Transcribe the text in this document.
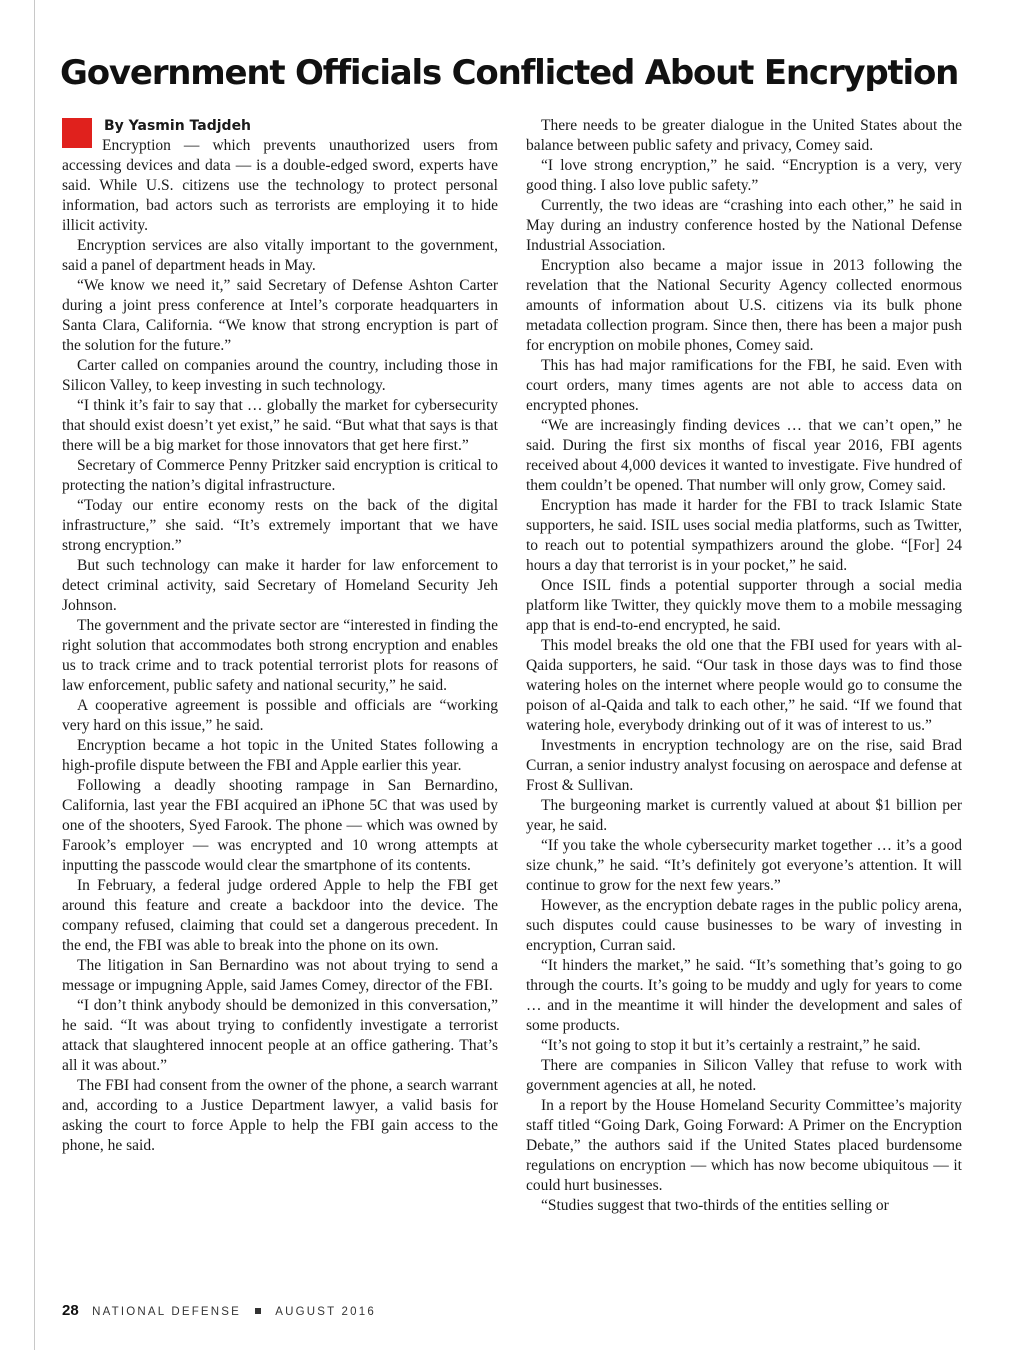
Government Officials Conflicted About Encryption
By Yasmin Tadjdeh

Encryption — which prevents unauthorized users from accessing devices and data — is a double-edged sword, experts have said. While U.S. citizens use the technology to protect personal information, bad actors such as terrorists are employing it to hide illicit activity.

Encryption services are also vitally important to the government, said a panel of department heads in May.

“We know we need it,” said Secretary of Defense Ashton Carter during a joint press conference at Intel’s corporate headquarters in Santa Clara, California. “We know that strong encryption is part of the solution for the future.”

Carter called on companies around the country, including those in Silicon Valley, to keep investing in such technology.

“I think it’s fair to say that … globally the market for cybersecurity that should exist doesn’t yet exist,” he said. “But what that says is that there will be a big market for those innovators that get here first.”

Secretary of Commerce Penny Pritzker said encryption is critical to protecting the nation’s digital infrastructure.

“Today our entire economy rests on the back of the digital infrastructure,” she said. “It’s extremely important that we have strong encryption.”

But such technology can make it harder for law enforcement to detect criminal activity, said Secretary of Homeland Security Jeh Johnson.

The government and the private sector are “interested in finding the right solution that accommodates both strong encryption and enables us to track crime and to track potential terrorist plots for reasons of law enforcement, public safety and national security,” he said.

A cooperative agreement is possible and officials are “working very hard on this issue,” he said.

Encryption became a hot topic in the United States following a high-profile dispute between the FBI and Apple earlier this year.

Following a deadly shooting rampage in San Bernardino, California, last year the FBI acquired an iPhone 5C that was used by one of the shooters, Syed Farook. The phone — which was owned by Farook’s employer — was encrypted and 10 wrong attempts at inputting the passcode would clear the smartphone of its contents.

In February, a federal judge ordered Apple to help the FBI get around this feature and create a backdoor into the device. The company refused, claiming that could set a dangerous precedent. In the end, the FBI was able to break into the phone on its own.

The litigation in San Bernardino was not about trying to send a message or impugning Apple, said James Comey, director of the FBI.

“I don’t think anybody should be demonized in this conversation,” he said. “It was about trying to confidently investigate a terrorist attack that slaughtered innocent people at an office gathering. That’s all it was about.”

The FBI had consent from the owner of the phone, a search warrant and, according to a Justice Department lawyer, a valid basis for asking the court to force Apple to help the FBI gain access to the phone, he said.

There needs to be greater dialogue in the United States about the balance between public safety and privacy, Comey said.

“I love strong encryption,” he said. “Encryption is a very, very good thing. I also love public safety.”

Currently, the two ideas are “crashing into each other,” he said in May during an industry conference hosted by the National Defense Industrial Association.

Encryption also became a major issue in 2013 following the revelation that the National Security Agency collected enormous amounts of information about U.S. citizens via its bulk phone metadata collection program. Since then, there has been a major push for encryption on mobile phones, Comey said.

This has had major ramifications for the FBI, he said. Even with court orders, many times agents are not able to access data on encrypted phones.

“We are increasingly finding devices … that we can’t open,” he said. During the first six months of fiscal year 2016, FBI agents received about 4,000 devices it wanted to investigate. Five hundred of them couldn’t be opened. That number will only grow, Comey said.

Encryption has made it harder for the FBI to track Islamic State supporters, he said. ISIL uses social media platforms, such as Twitter, to reach out to potential sympathizers around the globe. “[For] 24 hours a day that terrorist is in your pocket,” he said.

Once ISIL finds a potential supporter through a social media platform like Twitter, they quickly move them to a mobile messaging app that is end-to-end encrypted, he said.

This model breaks the old one that the FBI used for years with al-Qaida supporters, he said. “Our task in those days was to find those watering holes on the internet where people would go to consume the poison of al-Qaida and talk to each other,” he said. “If we found that watering hole, everybody drinking out of it was of interest to us.”

Investments in encryption technology are on the rise, said Brad Curran, a senior industry analyst focusing on aerospace and defense at Frost & Sullivan.

The burgeoning market is currently valued at about $1 billion per year, he said.

“If you take the whole cybersecurity market together … it’s a good size chunk,” he said. “It’s definitely got everyone’s attention. It will continue to grow for the next few years.”

However, as the encryption debate rages in the public policy arena, such disputes could cause businesses to be wary of investing in encryption, Curran said.

“It hinders the market,” he said. “It’s something that’s going to go through the courts. It’s going to be muddy and ugly for years to come … and in the meantime it will hinder the development and sales of some products.

“It’s not going to stop it but it’s certainly a restraint,” he said.

There are companies in Silicon Valley that refuse to work with government agencies at all, he noted.

In a report by the House Homeland Security Committee’s majority staff titled “Going Dark, Going Forward: A Primer on the Encryption Debate,” the authors said if the United States placed burdensome regulations on encryption — which has now become ubiquitous — it could hurt businesses.

“Studies suggest that two-thirds of the entities selling or

28 NATIONAL DEFENSE	AUGUST 2016
